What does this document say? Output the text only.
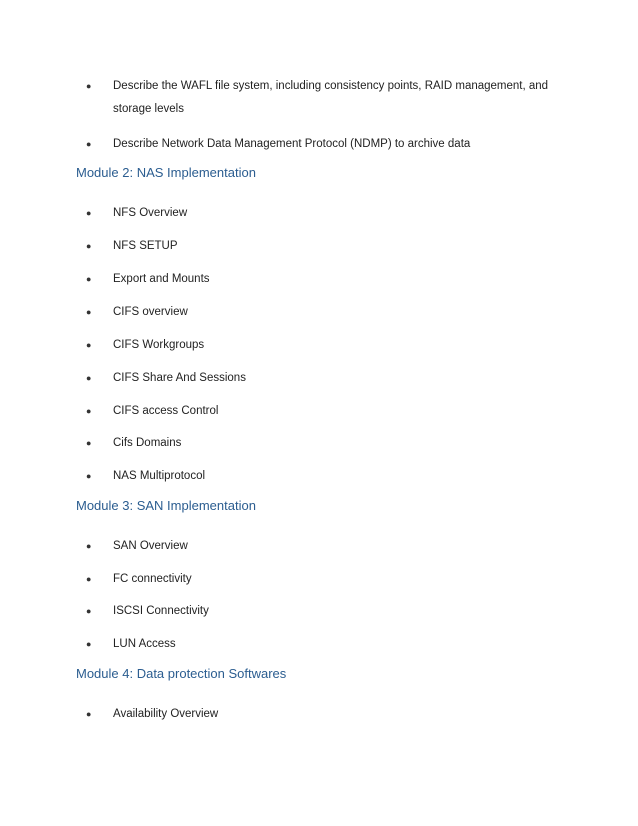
● Describe the WAFL file system, including consistency points, RAID management, and
storage levels
● Describe Network Data Management Protocol (NDMP) to archive data
Module 2: NAS Implementation
● NFS Overview
● NFS SETUP
● Export and Mounts
● CIFS overview
● CIFS Workgroups
● CIFS Share And Sessions
● CIFS access Control
● Cifs Domains
● NAS Multiprotocol
Module 3: SAN Implementation
● SAN Overview
● FC connectivity
● ISCSI Connectivity
● LUN Access
Module 4: Data protection Softwares
● Availability Overview
